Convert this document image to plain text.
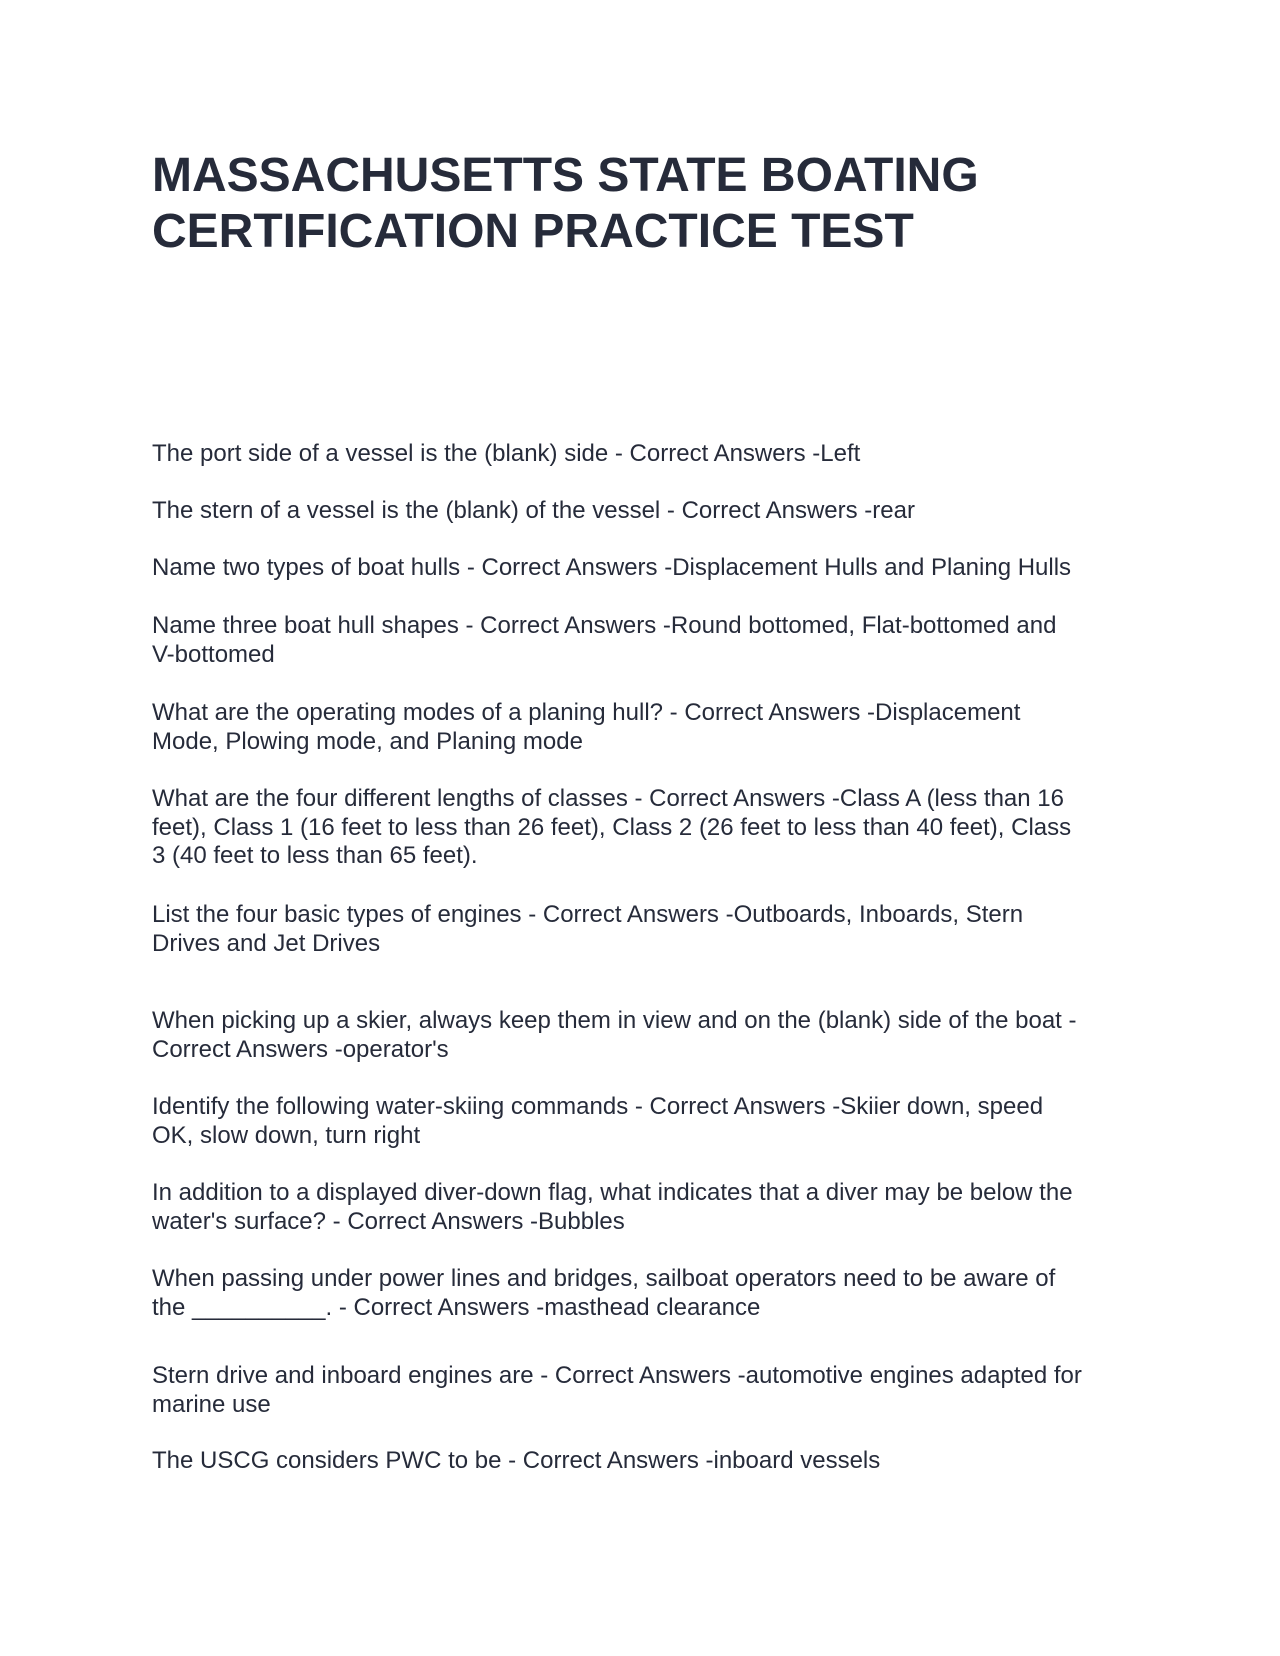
MASSACHUSETTS STATE BOATING
CERTIFICATION PRACTICE TEST

The port side of a vessel is the (blank) side - Correct Answers -Left

The stern of a vessel is the (blank) of the vessel - Correct Answers -rear

Name two types of boat hulls - Correct Answers -Displacement Hulls and Planing Hulls

Name three boat hull shapes - Correct Answers -Round bottomed, Flat-bottomed and
V-bottomed

What are the operating modes of a planing hull? - Correct Answers -Displacement
Mode, Plowing mode, and Planing mode

What are the four different lengths of classes - Correct Answers -Class A (less than 16
feet), Class 1 (16 feet to less than 26 feet), Class 2 (26 feet to less than 40 feet), Class
3 (40 feet to less than 65 feet).

List the four basic types of engines - Correct Answers -Outboards, Inboards, Stern
Drives and Jet Drives

When picking up a skier, always keep them in view and on the (blank) side of the boat -
Correct Answers -operator's

Identify the following water-skiing commands - Correct Answers -Skiier down, speed
OK, slow down, turn right

In addition to a displayed diver-down flag, what indicates that a diver may be below the
water's surface? - Correct Answers -Bubbles

When passing under power lines and bridges, sailboat operators need to be aware of
the __________. - Correct Answers -masthead clearance

Stern drive and inboard engines are - Correct Answers -automotive engines adapted for
marine use

The USCG considers PWC to be - Correct Answers -inboard vessels
